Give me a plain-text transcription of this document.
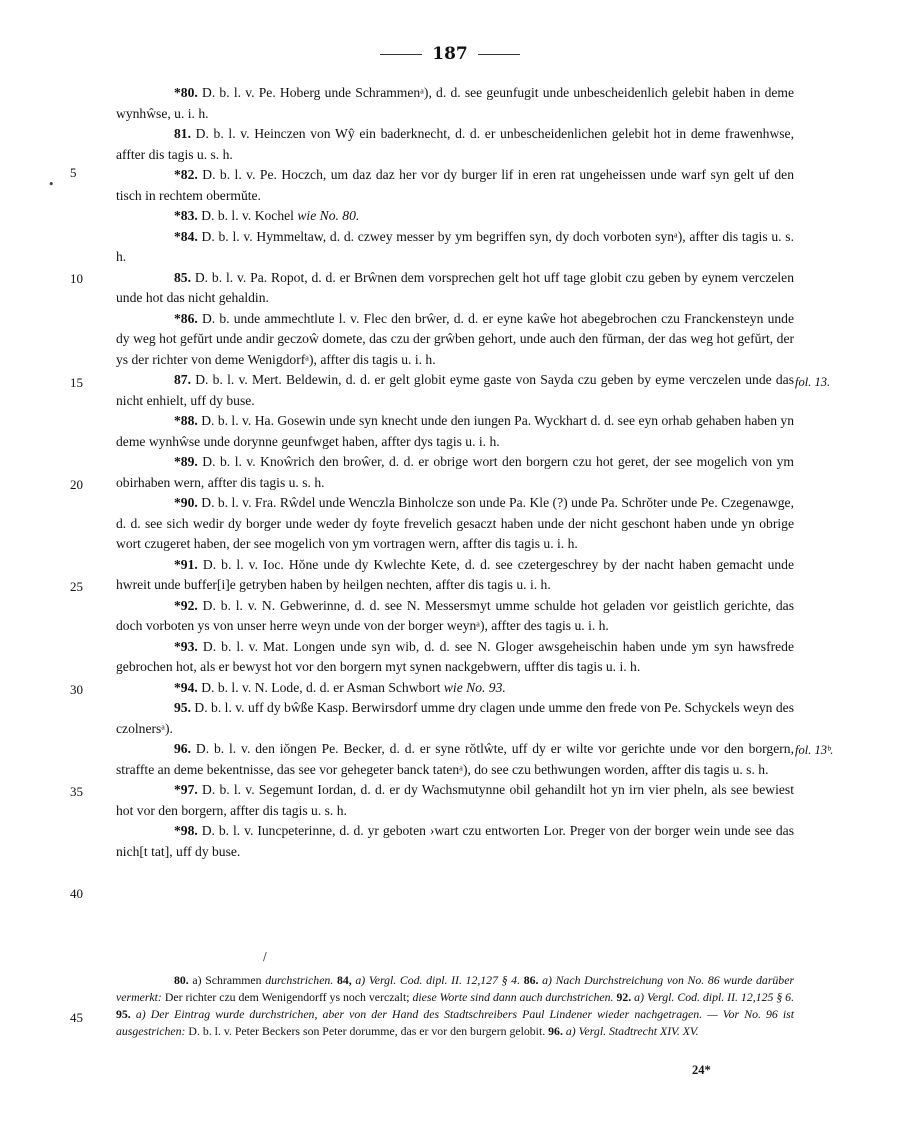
187

*80. D. b. l. v. Pe. Hoberg unde Schrammenᵃ), d. d. see geunfugit unde unbescheidenlich gelebit haben in deme wynhŵse, u. i. h.

81. D. b. l. v. Heinczen von Wŷ ein baderknecht, d. d. er unbescheidenlichen gelebit hot in deme frawenhwse, affter dis tagis u. s. h.

*82. D. b. l. v. Pe. Hoczch, um daz daz her vor dy burger lif in eren rat ungeheissen unde warf syn gelt uf den tisch in rechtem obermŭte.

*83. D. b. l. v. Kochel wie No. 80.

*84. D. b. l. v. Hymmeltaw, d. d. czwey messer by ym begriffen syn, dy doch vorboten synᵃ), affter dis tagis u. s. h.

85. D. b. l. v. Pa. Ropot, d. d. er Brŵnen dem vorsprechen gelt hot uff tage globit czu geben by eynem verczelen unde hot das nicht gehaldin.

*86. D. b. unde ammechtlute l. v. Flec den brŵer, d. d. er eyne kaŵe hot abegebrochen czu Franckensteyn unde dy weg hot gefŭrt unde andir geczoŵ domete, das czu der grŵben gehort, unde auch den fŭrman, der das weg hot gefŭrt, der ys der richter von deme Wenigdorfᵃ), affter dis tagis u. i. h.

87. D. b. l. v. Mert. Beldewin, d. d. er gelt globit eyme gaste von Sayda czu geben by eyme verczelen unde das nicht enhielt, uff dy buse.

*88. D. b. l. v. Ha. Gosewin unde syn knecht unde den iungen Pa. Wyckhart d. d. see eyn orhab gehaben haben yn deme wynhŵse unde dorynne geunfwget haben, affter dys tagis u. i. h.

*89. D. b. l. v. Knoŵrich den broŵer, d. d. er obrige wort den borgern czu hot geret, der see mogelich von ym obirhaben wern, affter dis tagis u. s. h.

*90. D. b. l. v. Fra. Rŵdel unde Wenczla Binholcze son unde Pa. Kle (?) unde Pa. Schrŏter unde Pe. Czegenawge, d. d. see sich wedir dy borger unde weder dy foyte frevelich gesaczt haben unde der nicht geschont haben unde yn obrige wort czugeret haben, der see mogelich von ym vortragen wern, affter dis tagis u. i. h.

*91. D. b. l. v. Ioc. Hŏne unde dy Kwlechte Kete, d. d. see czetergeschrey by der nacht haben gemacht unde hwreit unde buffer[i]e getryben haben by heilgen nechten, affter dis tagis u. i. h.

*92. D. b. l. v. N. Gebwerinne, d. d. see N. Messersmyt umme schulde hot geladen vor geistlich gerichte, das doch vorboten ys von unser herre weyn unde von der borger weynᵃ), affter des tagis u. i. h.

*93. D. b. l. v. Mat. Longen unde syn wib, d. d. see N. Gloger awsgeheischin haben unde ym syn hawsfrede gebrochen hot, als er bewyst hot vor den borgern myt synen nackgebwern, uffter dis tagis u. i. h.

*94. D. b. l. v. N. Lode, d. d. er Asman Schwbort wie No. 93.

95. D. b. l. v. uff dy bŵße Kasp. Berwirsdorf umme dry clagen unde umme den frede von Pe. Schyckels weyn des czolnersᵃ).

96. D. b. l. v. den iŏngen Pe. Becker, d. d. er syne rŏtlŵte, uff dy er wilte vor gerichte unde vor den borgern, straffte an deme bekentnisse, das see vor gehegeter banck tatenᵃ), do see czu bethwungen worden, affter dis tagis u. s. h.

*97. D. b. l. v. Segemunt Iordan, d. d. er dy Wachsmutynne obil gehandilt hot yn irn vier pheln, als see bewiest hot vor den borgern, affter dis tagis u. s. h.

*98. D. b. l. v. Iuncpeterinne, d. d. yr geboten ›wart czu entworten Lor. Preger von der borger wein unde see das nich[t tat], uff dy buse.

5
10
15
20
25
30
35
40
45
fol. 13.
fol. 13ᵇ.
80. a) Schrammen durchstrichen. 84, a) Vergl. Cod. dipl. II. 12,127 § 4. 86. a) Nach Durchstreichung von No. 86 wurde darüber vermerkt: Der richter czu dem Wenigendorff ys noch verczalt; diese Worte sind dann auch durchstrichen. 92. a) Vergl. Cod. dipl. II. 12,125 § 6. 95. a) Der Eintrag wurde durchstrichen, aber von der Hand des Stadtschreibers Paul Lindener wieder nachgetragen. — Vor No. 96 ist ausgestrichen: D. b. l. v. Peter Beckers son Peter dorumme, das er vor den burgern gelobit. 96. a) Vergl. Stadtrecht XIV. XV.
24*
•
/
